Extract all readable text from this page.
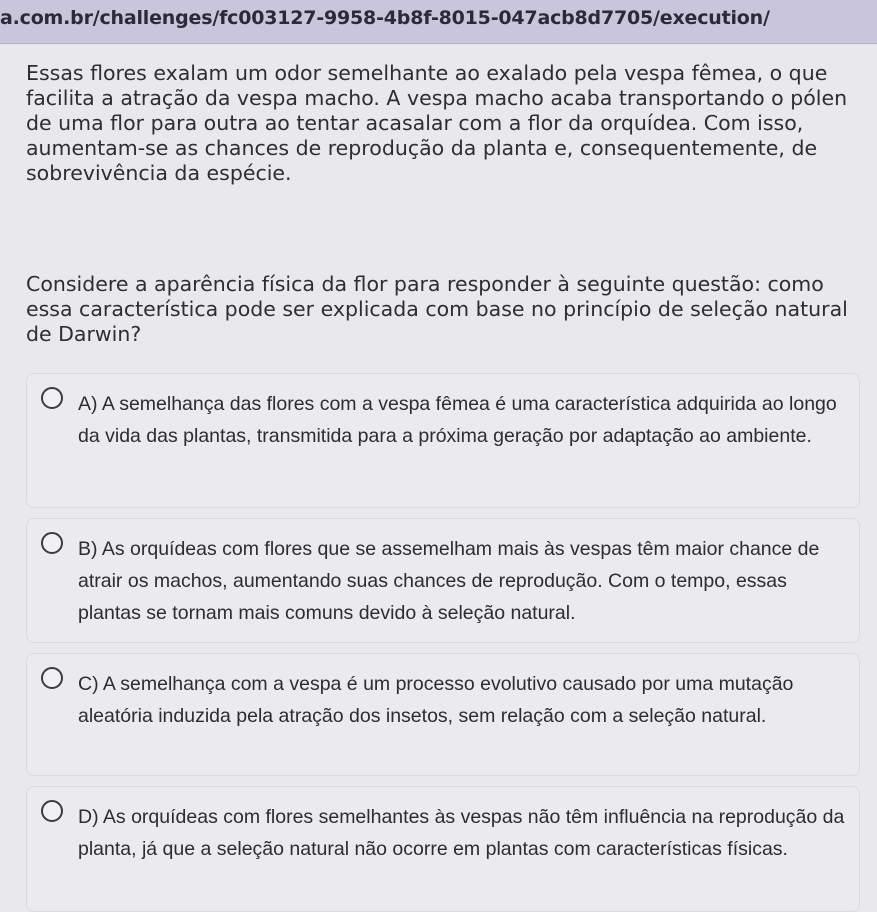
a.com.br/challenges/fc003127-9958-4b8f-8015-047acb8d7705/execution/

Essas flores exalam um odor semelhante ao exalado pela vespa fêmea, o que facilita a atração da vespa macho. A vespa macho acaba transportando o pólen de uma flor para outra ao tentar acasalar com a flor da orquídea. Com isso, aumentam-se as chances de reprodução da planta e, consequentemente, de sobrevivência da espécie.

Considere a aparência física da flor para responder à seguinte questão: como essa característica pode ser explicada com base no princípio de seleção natural de Darwin?

A) A semelhança das flores com a vespa fêmea é uma característica adquirida ao longo da vida das plantas, transmitida para a próxima geração por adaptação ao ambiente.
B) As orquídeas com flores que se assemelham mais às vespas têm maior chance de atrair os machos, aumentando suas chances de reprodução. Com o tempo, essas plantas se tornam mais comuns devido à seleção natural.
C) A semelhança com a vespa é um processo evolutivo causado por uma mutação aleatória induzida pela atração dos insetos, sem relação com a seleção natural.
D) As orquídeas com flores semelhantes às vespas não têm influência na reprodução da planta, já que a seleção natural não ocorre em plantas com características físicas.
